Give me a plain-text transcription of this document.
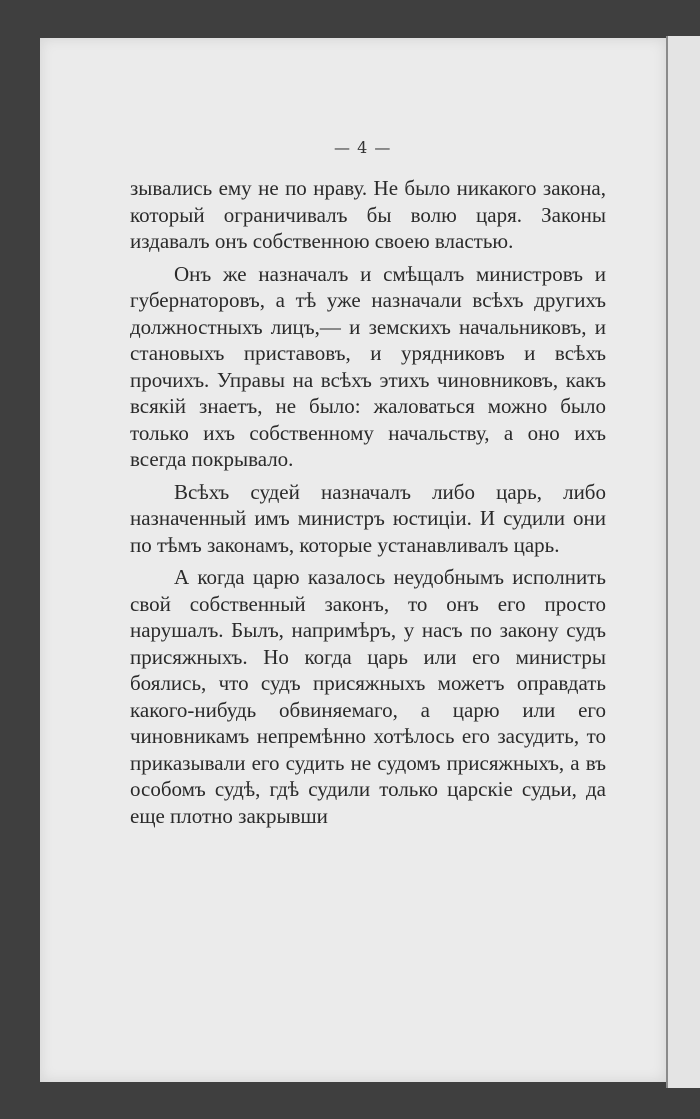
— 4 —

зывались ему не по нраву. Не было никакого закона, который ограничивалъ бы волю царя. Законы издавалъ онъ собственною своею властью.

Онъ же назначалъ и смѣщалъ министровъ и губернаторовъ, а тѣ уже назначали всѣхъ другихъ должностныхъ лицъ,— и земскихъ начальниковъ, и становыхъ приставовъ, и урядниковъ и всѣхъ прочихъ. Управы на всѣхъ этихъ чиновниковъ, какъ всякій знаетъ, не было: жаловаться можно было только ихъ собственному начальству, а оно ихъ всегда покрывало.

Всѣхъ судей назначалъ либо царь, либо назначенный имъ министръ юстиціи. И судили они по тѣмъ законамъ, которые устанавливалъ царь.

А когда царю казалось неудобнымъ исполнить свой собственный законъ, то онъ его просто нарушалъ. Былъ, напримѣръ, у насъ по закону судъ присяжныхъ. Но когда царь или его министры боялись, что судъ присяжныхъ можетъ оправдать какого-нибудь обвиняемаго, а царю или его чиновникамъ непремѣнно хотѣлось его засудить, то приказывали его судить не судомъ присяжныхъ, а въ особомъ судѣ, гдѣ судили только царскіе судьи, да еще плотно закрывши
